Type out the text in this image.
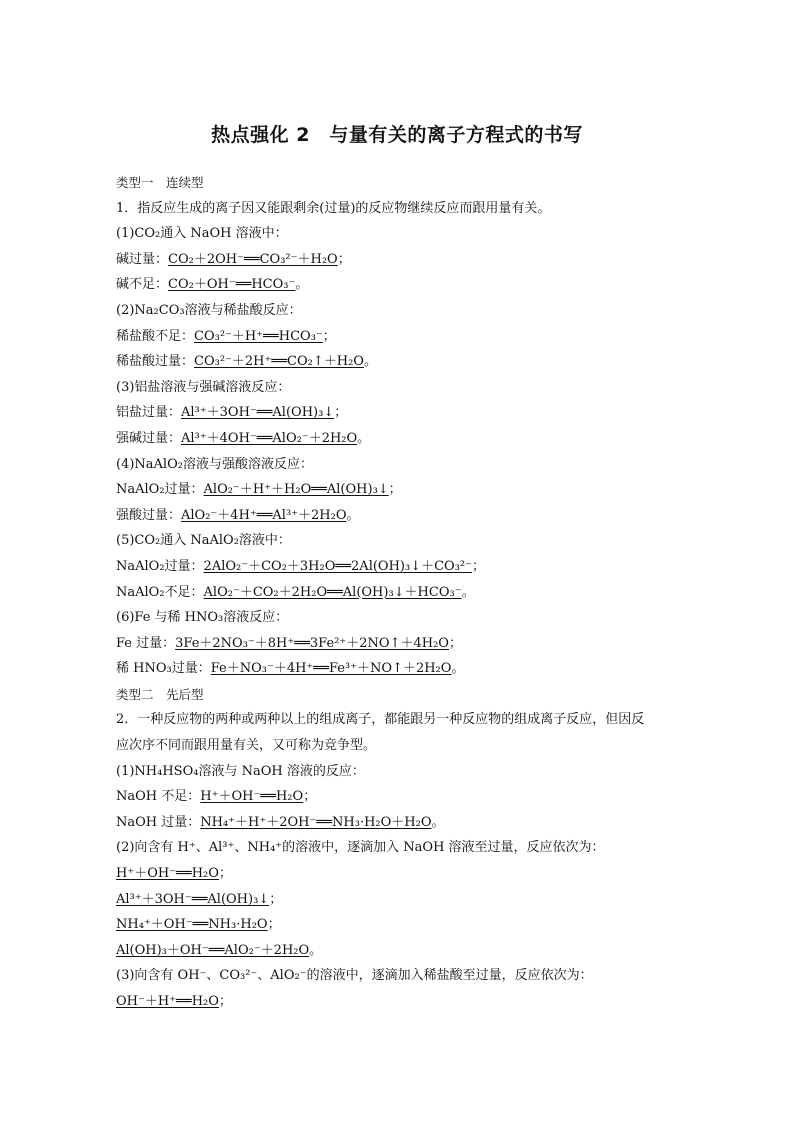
热点强化 2　与量有关的离子方程式的书写
类型一　连续型
1．指反应生成的离子因又能跟剩余(过量)的反应物继续反应而跟用量有关。
(1)CO₂通入 NaOH 溶液中：
碱过量：CO₂＋2OH⁻══CO₃²⁻＋H₂O；
碱不足：CO₂＋OH⁻══HCO₃⁻。
(2)Na₂CO₃溶液与稀盐酸反应：
稀盐酸不足：CO₃²⁻＋H⁺══HCO₃⁻；
稀盐酸过量：CO₃²⁻＋2H⁺══CO₂↑＋H₂O。
(3)铝盐溶液与强碱溶液反应：
铝盐过量：Al³⁺＋3OH⁻══Al(OH)₃↓；
强碱过量：Al³⁺＋4OH⁻══AlO₂⁻＋2H₂O。
(4)NaAlO₂溶液与强酸溶液反应：
NaAlO₂过量：AlO₂⁻＋H⁺＋H₂O══Al(OH)₃↓；
强酸过量：AlO₂⁻＋4H⁺══Al³⁺＋2H₂O。
(5)CO₂通入 NaAlO₂溶液中：
NaAlO₂过量：2AlO₂⁻＋CO₂＋3H₂O══2Al(OH)₃↓＋CO₃²⁻；
NaAlO₂不足：AlO₂⁻＋CO₂＋2H₂O══Al(OH)₃↓＋HCO₃⁻。
(6)Fe 与稀 HNO₃溶液反应：
Fe 过量：3Fe＋2NO₃⁻＋8H⁺══3Fe²⁺＋2NO↑＋4H₂O；
稀 HNO₃过量：Fe＋NO₃⁻＋4H⁺══Fe³⁺＋NO↑＋2H₂O。
类型二　先后型
2．一种反应物的两种或两种以上的组成离子，都能跟另一种反应物的组成离子反应，但因反
应次序不同而跟用量有关，又可称为竞争型。
(1)NH₄HSO₄溶液与 NaOH 溶液的反应：
NaOH 不足：H⁺＋OH⁻══H₂O；
NaOH 过量：NH₄⁺＋H⁺＋2OH⁻══NH₃·H₂O＋H₂O。
(2)向含有 H⁺、Al³⁺、NH₄⁺的溶液中，逐滴加入 NaOH 溶液至过量，反应依次为：
H⁺＋OH⁻══H₂O；
Al³⁺＋3OH⁻══Al(OH)₃↓；
NH₄⁺＋OH⁻══NH₃·H₂O；
Al(OH)₃＋OH⁻══AlO₂⁻＋2H₂O。
(3)向含有 OH⁻、CO₃²⁻、AlO₂⁻的溶液中，逐滴加入稀盐酸至过量，反应依次为：
OH⁻＋H⁺══H₂O；
